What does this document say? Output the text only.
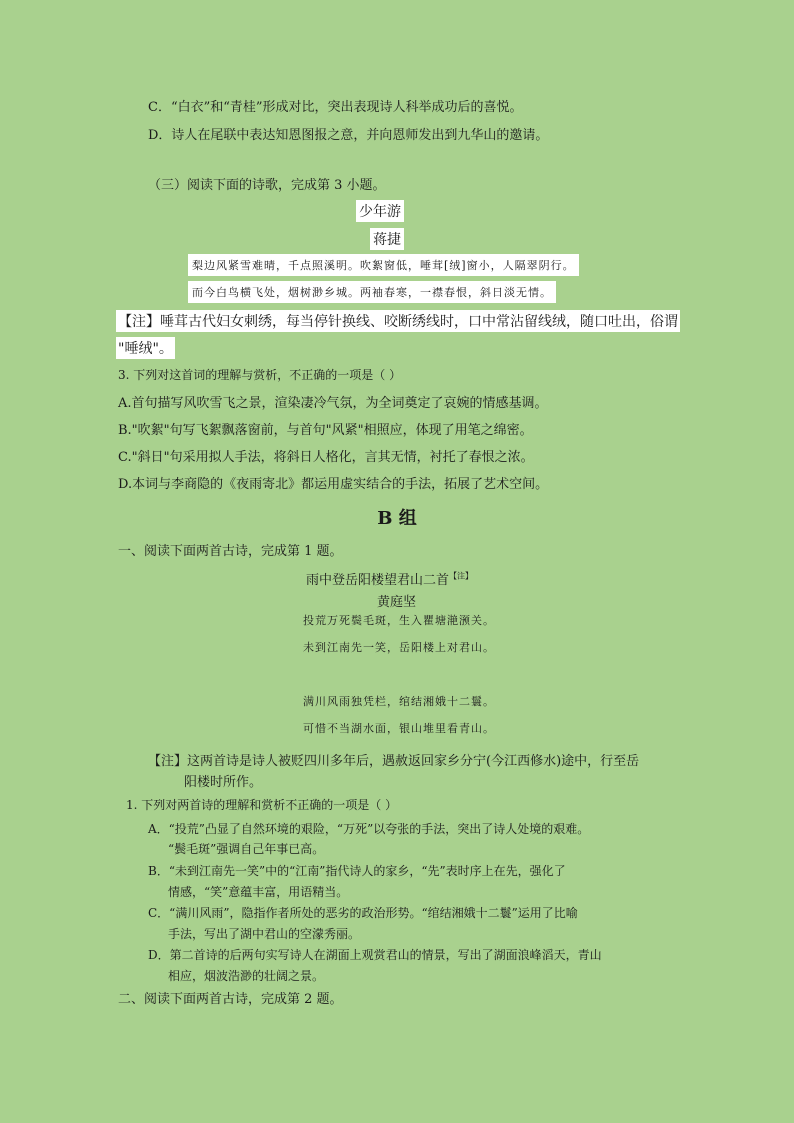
C．“白衣”和“青桂”形成对比，突出表现诗人科举成功后的喜悦。
D．诗人在尾联中表达知恩图报之意，并向恩师发出到九华山的邀请。
（三）阅读下面的诗歌，完成第 3 小题。
少年游
蒋捷
梨边风紧雪难晴，千点照溪明。吹絮窗低，唾茸[绒]窗小，人隔翠阴行。
而今白鸟横飞处，烟树渺乡城。两袖春寒，一襟春恨，斜日淡无情。
【注】唾茸古代妇女刺绣，每当停针换线、咬断绣线时，口中常沾留线绒，随口吐出，俗谓
"唾绒"。
3. 下列对这首词的理解与赏析，不正确的一项是（ ）
A.首句描写风吹雪飞之景，渲染凄冷气氛，为全词奠定了哀婉的情感基调。
B."吹絮"句写飞絮飘落窗前，与首句"风紧"相照应，体现了用笔之绵密。
C."斜日"句采用拟人手法，将斜日人格化，言其无情，衬托了春恨之浓。
D.本词与李商隐的《夜雨寄北》都运用虚实结合的手法，拓展了艺术空间。
B 组
一、阅读下面两首古诗，完成第 1 题。
雨中登岳阳楼望君山二首$^{【注】}$
黄庭坚
投荒万死鬓毛斑，生入瞿塘滟滪关。
未到江南先一笑，岳阳楼上对君山。
满川风雨独凭栏，绾结湘娥十二鬟。
可惜不当湖水面，银山堆里看青山。
【注】这两首诗是诗人被贬四川多年后，遇赦返回家乡分宁(今江西修水)途中，行至岳
阳楼时所作。
1. 下列对两首诗的理解和赏析不正确的一项是（ ）
A．“投荒”凸显了自然环境的艰险，“万死”以夸张的手法，突出了诗人处境的艰难。
“鬓毛斑”强调自己年事已高。
B．“未到江南先一笑”中的“江南”指代诗人的家乡，“先”表时序上在先，强化了
情感，“笑”意蕴丰富，用语精当。
C．“满川风雨”，隐指作者所处的恶劣的政治形势。“绾结湘娥十二鬟”运用了比喻
手法，写出了湖中君山的空濛秀丽。
D．第二首诗的后两句实写诗人在湖面上观赏君山的情景，写出了湖面浪峰滔天，青山
相应，烟波浩渺的壮阔之景。
二、阅读下面两首古诗，完成第 2 题。
